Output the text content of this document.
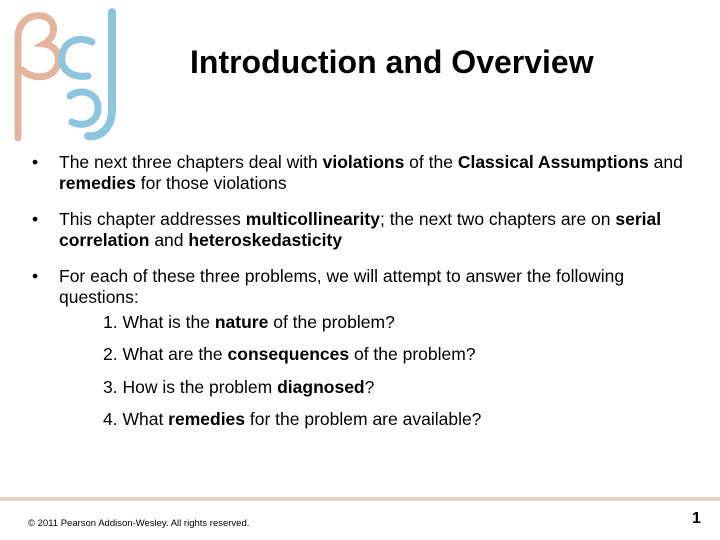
Introduction and Overview
• The next three chapters deal with violations of the Classical Assumptions and remedies for those violations
• This chapter addresses multicollinearity; the next two chapters are on serial correlation and heteroskedasticity
• For each of these three problems, we will attempt to answer the following questions:
1. What is the nature of the problem?
2. What are the consequences of the problem?
3. How is the problem diagnosed?
4. What remedies for the problem are available?
© 2011 Pearson Addison-Wesley. All rights reserved.	1
